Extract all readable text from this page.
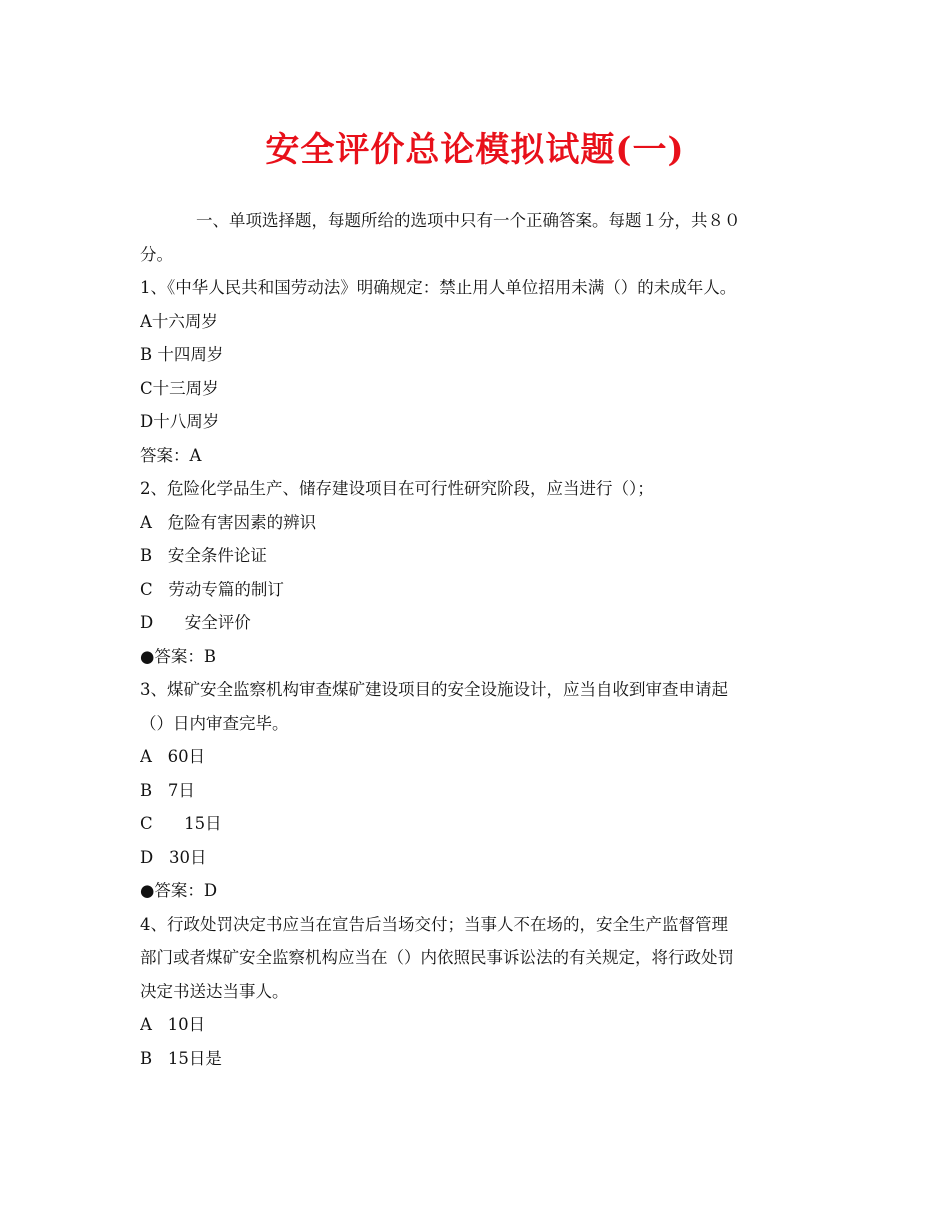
安全评价总论模拟试题(一)
一、单项选择题，每题所给的选项中只有一个正确答案。每题１分，共８０
分。
1、《中华人民共和国劳动法》明确规定：禁止用人单位招用未满（）的未成年人。
A十六周岁
B 十四周岁
C十三周岁
D十八周岁
答案：A
2、危险化学品生产、储存建设项目在可行性研究阶段，应当进行（）；
A   危险有害因素的辨识
B   安全条件论证
C   劳动专篇的制订
D      安全评价
●答案：B
3、煤矿安全监察机构审查煤矿建设项目的安全设施设计，应当自收到审查申请起
（）日内审查完毕。
A   60日
B   7日
C      15日
D   30日
●答案：D
4、行政处罚决定书应当在宣告后当场交付；当事人不在场的，安全生产监督管理
部门或者煤矿安全监察机构应当在（）内依照民事诉讼法的有关规定，将行政处罚
决定书送达当事人。
A   10日
B   15日是
